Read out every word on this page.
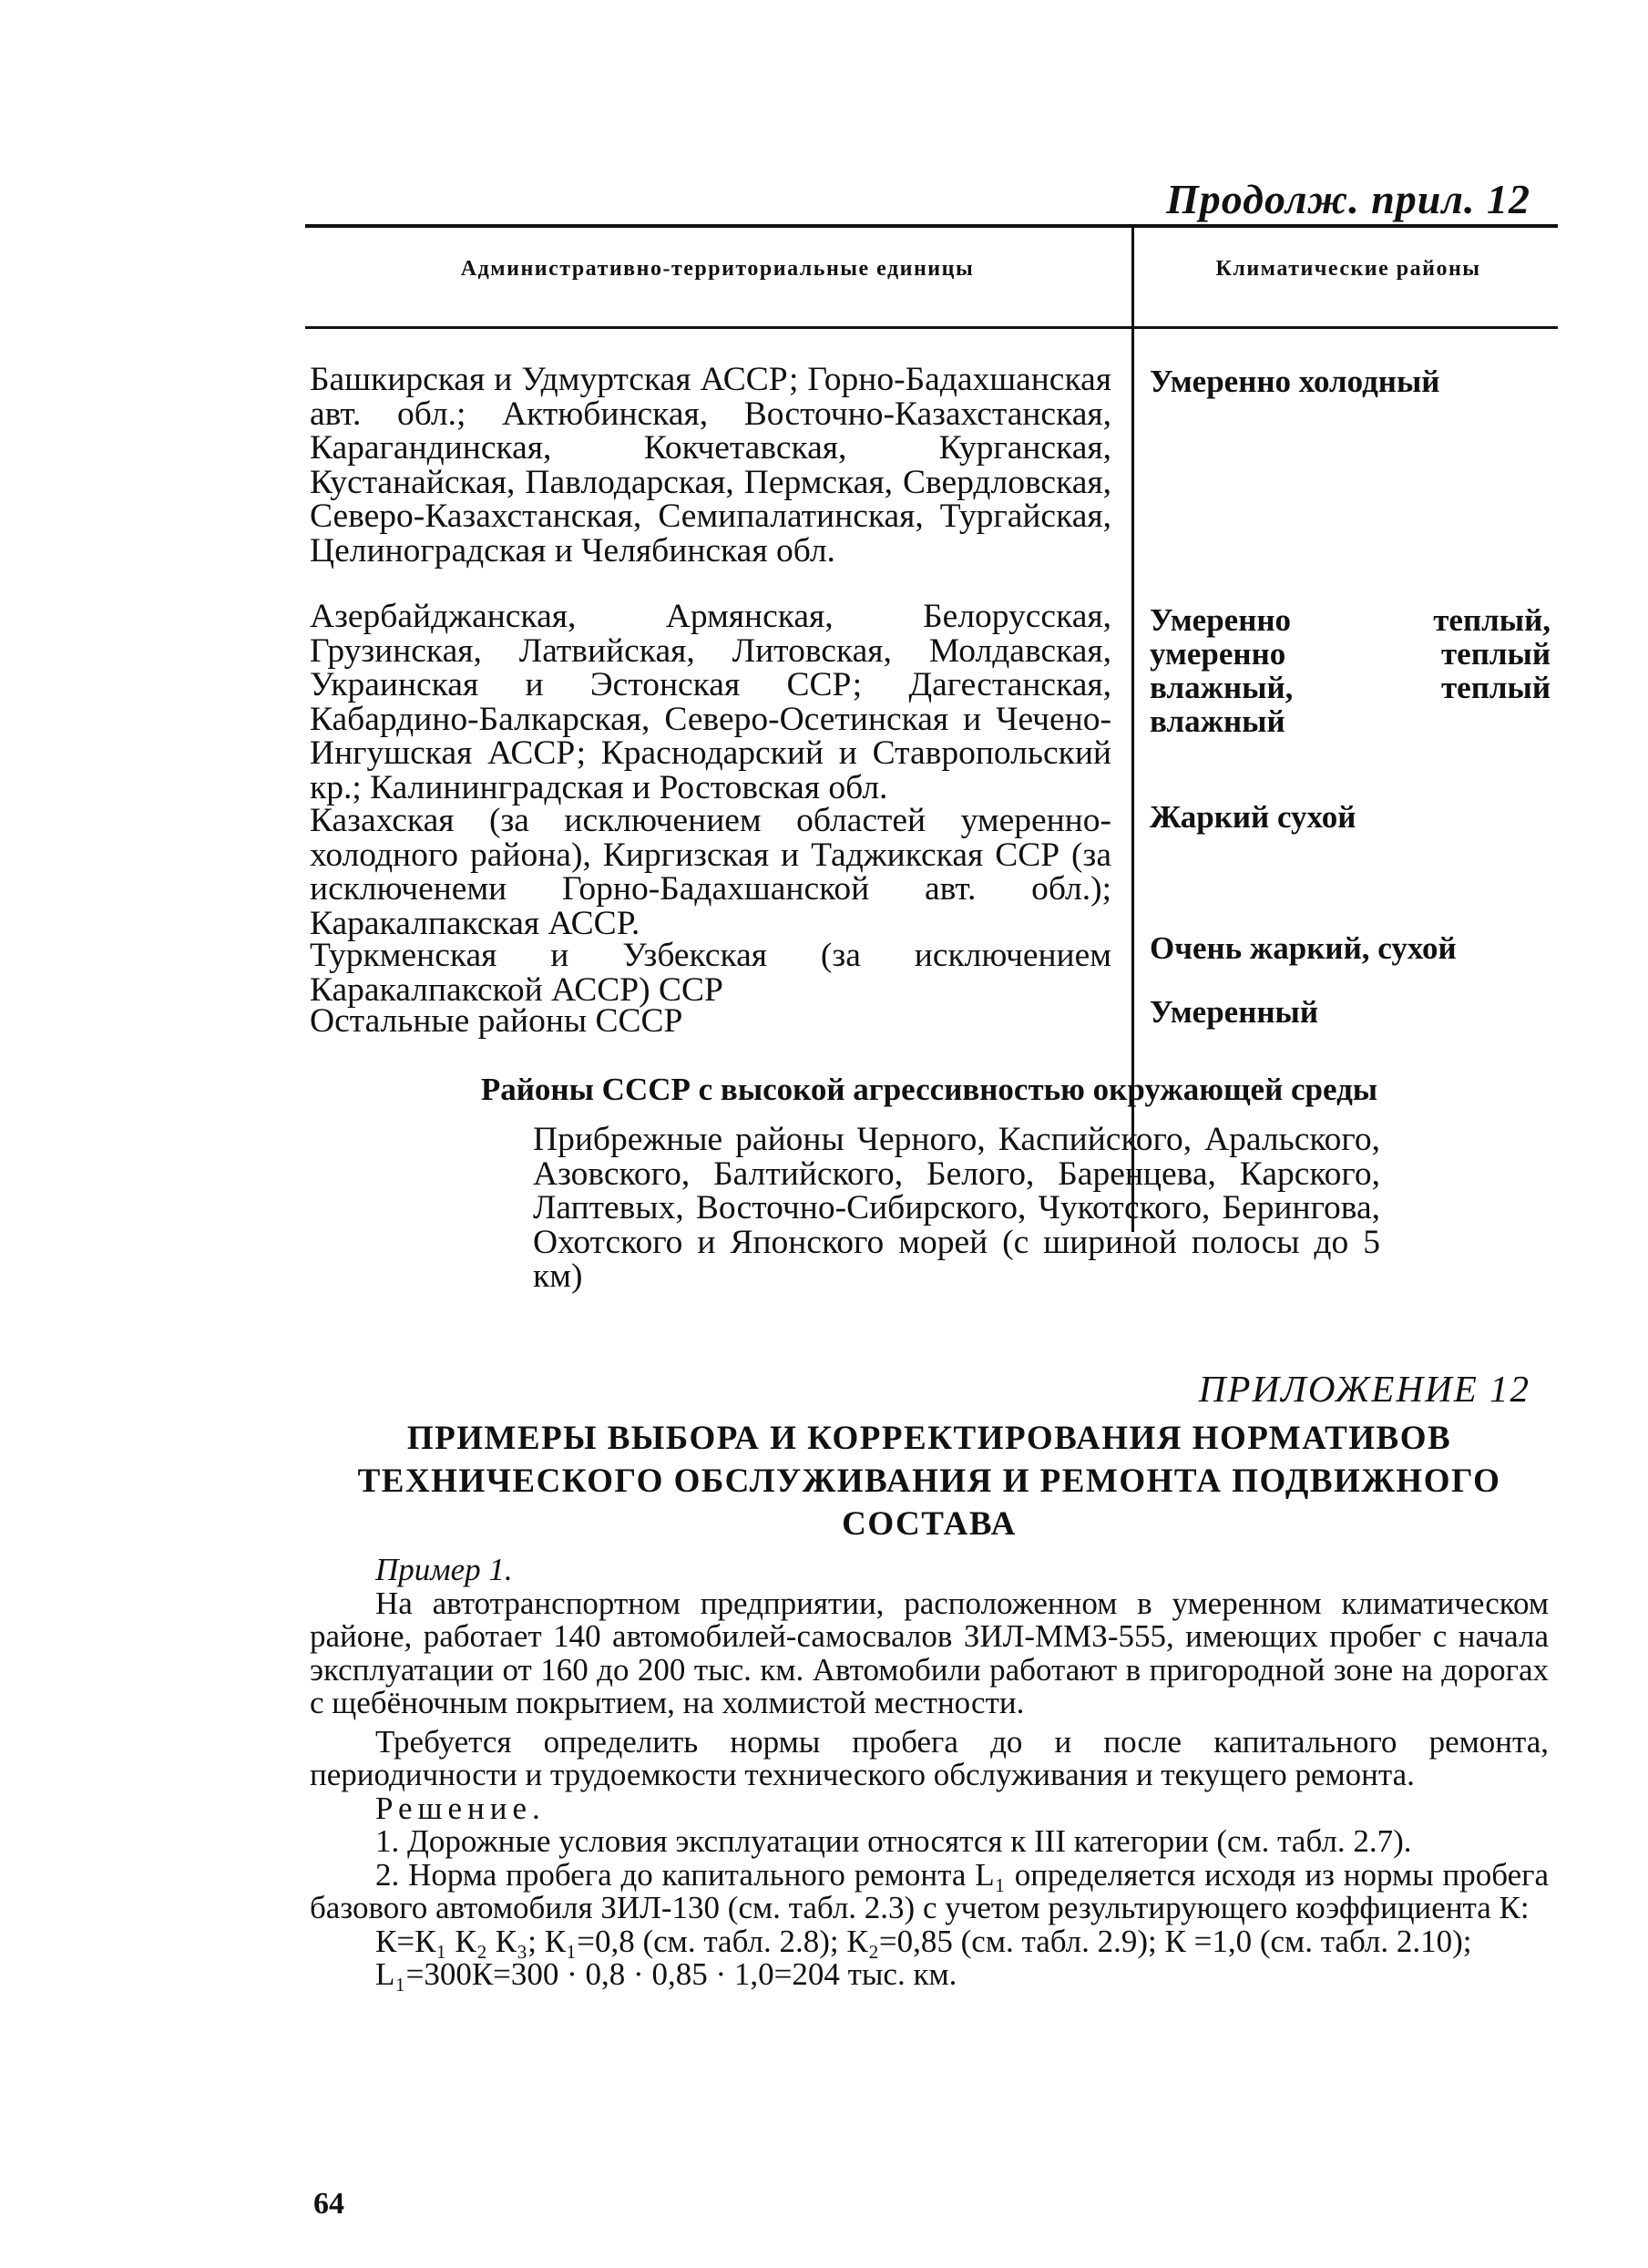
Продолж. прил. 12
Административно-территориальные единицы	Климатические районы
Башкирская и Удмуртская АССР; Горно-Бадахшанская авт. обл.; Актюбинская, Восточно-Казахстанская, Карагандинская, Кокчетавская, Курганская, Кустанайская, Павлодарская, Пермская, Свердловская, Северо-Казахстанская, Семипалатинская, Тургайская, Целиноградская и Челябинская обл.
Умеренно холодный
Азербайджанская, Армянская, Белорусская, Грузинская, Латвийская, Литовская, Молдавская, Украинская и Эстонская ССР; Дагестанская, Кабардино-Балкарская, Северо-Осетинская и Чечено-Ингушская АССР; Краснодарский и Ставропольский кр.; Калининградская и Ростовская обл.
Умеренно теплый, умеренно теплый влажный, теплый влажный
Казахская (за исключением областей умеренно-холодного района), Киргизская и Таджикская ССР (за исключенеми Горно-Бадахшанской авт. обл.); Каракалпакская АССР.
Жаркий сухой
Туркменская и Узбекская (за исключением Каракалпакской АССР) ССР
Очень жаркий, сухой
Остальные районы СССР	Умеренный
Районы СССР с высокой агрессивностью окружающей среды
Прибрежные районы Черного, Каспийского, Аральского, Азовского, Балтийского, Белого, Баренцева, Карского, Лаптевых, Восточно-Сибирского, Чукотского, Берингова, Охотского и Японского морей (с шириной полосы до 5 км)
ПРИЛОЖЕНИЕ 12
ПРИМЕРЫ ВЫБОРА И КОРРЕКТИРОВАНИЯ НОРМАТИВОВ ТЕХНИЧЕСКОГО ОБСЛУЖИВАНИЯ И РЕМОНТА ПОДВИЖНОГО СОСТАВА

Пример 1.

На автотранспортном предприятии, расположенном в умеренном климатическом районе, работает 140 автомобилей-самосвалов ЗИЛ-ММЗ-555, имеющих пробег с начала эксплуатации от 160 до 200 тыс. км. Автомобили работают в пригородной зоне на дорогах с щебёночным покрытием, на холмистой местности.

Требуется определить нормы пробега до и после капитального ремонта, периодичности и трудоемкости технического обслуживания и текущего ремонта.

Решение.

1. Дорожные условия эксплуатации относятся к III категории (см. табл. 2.7).

2. Норма пробега до капитального ремонта L₁ определяется исходя из нормы пробега базового автомобиля ЗИЛ-130 (см. табл. 2.3) с учетом результирующего коэффициента К:

К=К₁ К₂ К₃; К₁=0,8 (см. табл. 2.8); К₂=0,85 (см. табл. 2.9); К =1,0 (см. табл. 2.10);

L₁=300К=300 · 0,8 · 0,85 · 1,0=204 тыс. км.

64
